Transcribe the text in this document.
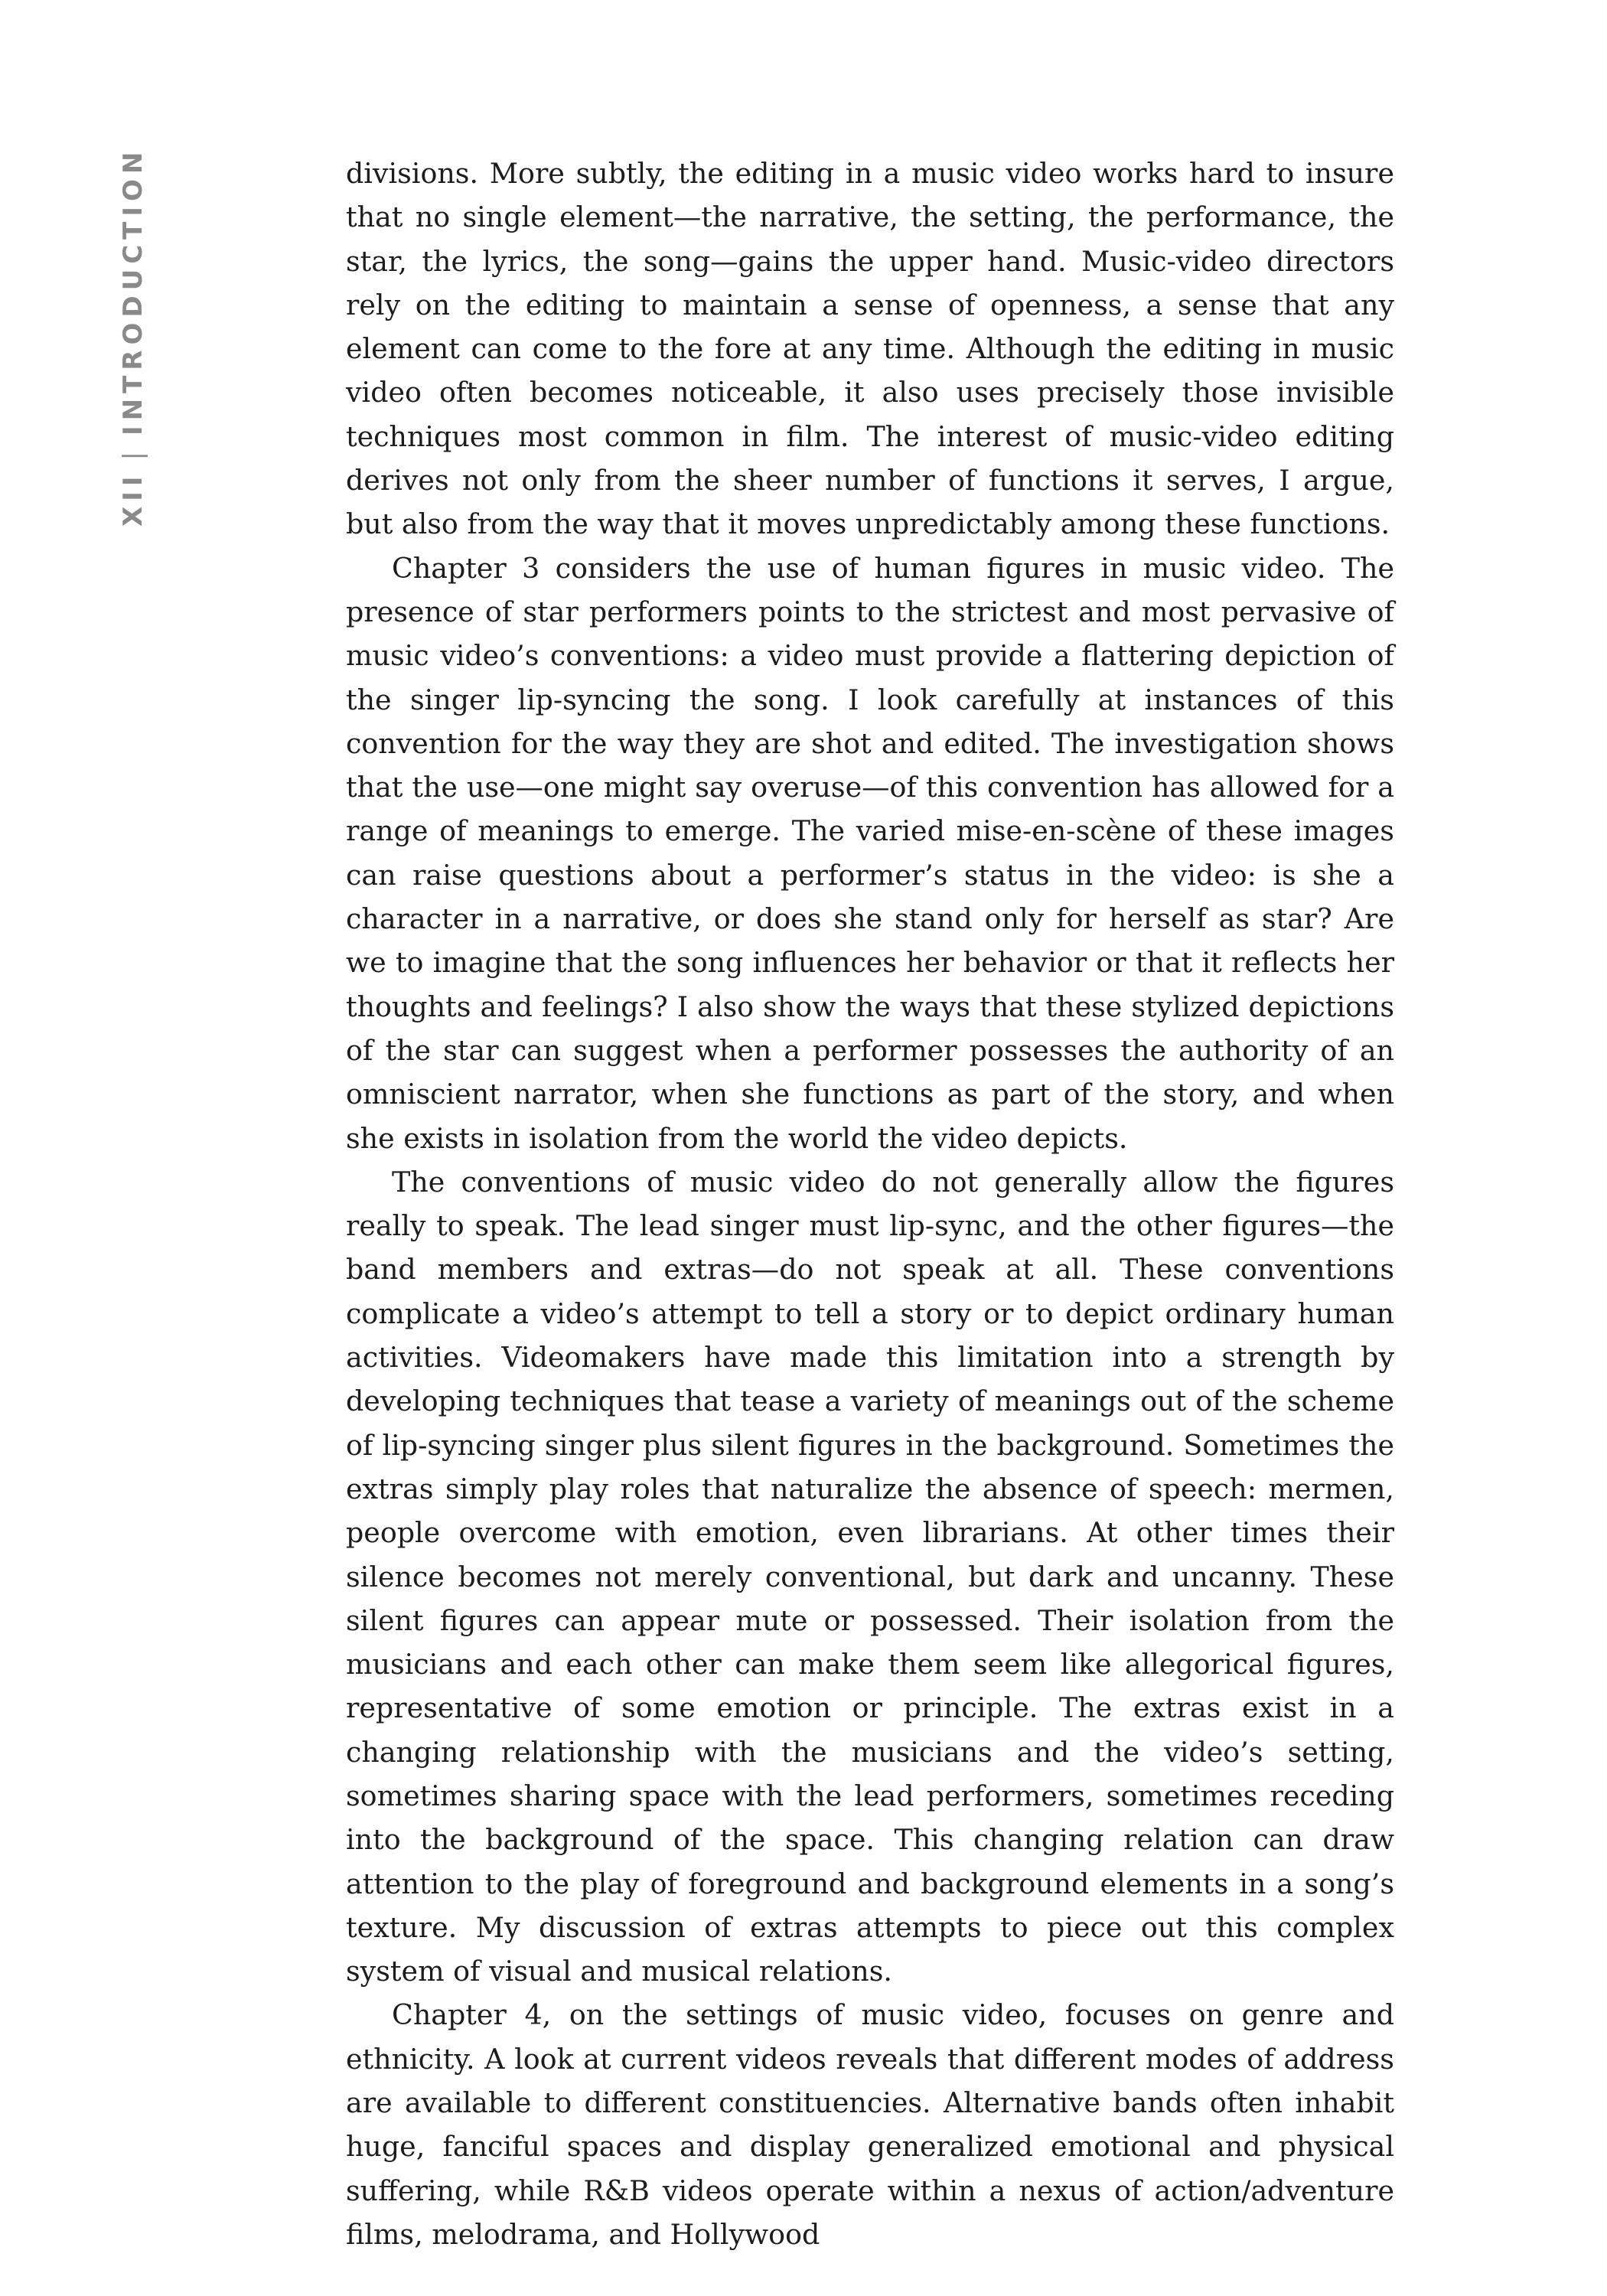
XII|INTRODUCTION	divisions. More subtly, the editing in a music video works hard to insure that no single element—the narrative, the setting, the performance, the star, the lyrics, the song—gains the upper hand. Music-video directors rely on the editing to maintain a sense of openness, a sense that any element can come to the fore at any time. Although the editing in music video often becomes noticeable, it also uses precisely those invisible techniques most common in film. The interest of music-video editing derives not only from the sheer number of functions it serves, I argue, but also from the way that it moves unpredictably among these functions.

Chapter 3 considers the use of human figures in music video. The presence of star performers points to the strictest and most pervasive of music video’s conventions: a video must provide a flattering depiction of the singer lip-syncing the song. I look carefully at instances of this convention for the way they are shot and edited. The investigation shows that the use—one might say overuse—of this convention has allowed for a range of meanings to emerge. The varied mise-en-scène of these images can raise questions about a performer’s status in the video: is she a character in a narrative, or does she stand only for herself as star? Are we to imagine that the song influences her behavior or that it reflects her thoughts and feelings? I also show the ways that these stylized depictions of the star can suggest when a performer possesses the authority of an omniscient narrator, when she functions as part of the story, and when she exists in isolation from the world the video depicts.

The conventions of music video do not generally allow the figures really to speak. The lead singer must lip-sync, and the other figures—the band members and extras—do not speak at all. These conventions complicate a video’s attempt to tell a story or to depict ordinary human activities. Videomakers have made this limitation into a strength by developing techniques that tease a variety of meanings out of the scheme of lip-syncing singer plus silent figures in the background. Sometimes the extras simply play roles that naturalize the absence of speech: mermen, people overcome with emotion, even librarians. At other times their silence becomes not merely conventional, but dark and uncanny. These silent figures can appear mute or possessed. Their isolation from the musicians and each other can make them seem like allegorical figures, representative of some emotion or principle. The extras exist in a changing relationship with the musicians and the video’s setting, sometimes sharing space with the lead performers, sometimes receding into the background of the space. This changing relation can draw attention to the play of foreground and background elements in a song’s texture. My discussion of extras attempts to piece out this complex system of visual and musical relations.

Chapter 4, on the settings of music video, focuses on genre and ethnicity. A look at current videos reveals that different modes of address are available to different constituencies. Alternative bands often inhabit huge, fanciful spaces and display generalized emotional and physical suffering, while R&B videos operate within a nexus of action/adventure films, melodrama, and Hollywood
